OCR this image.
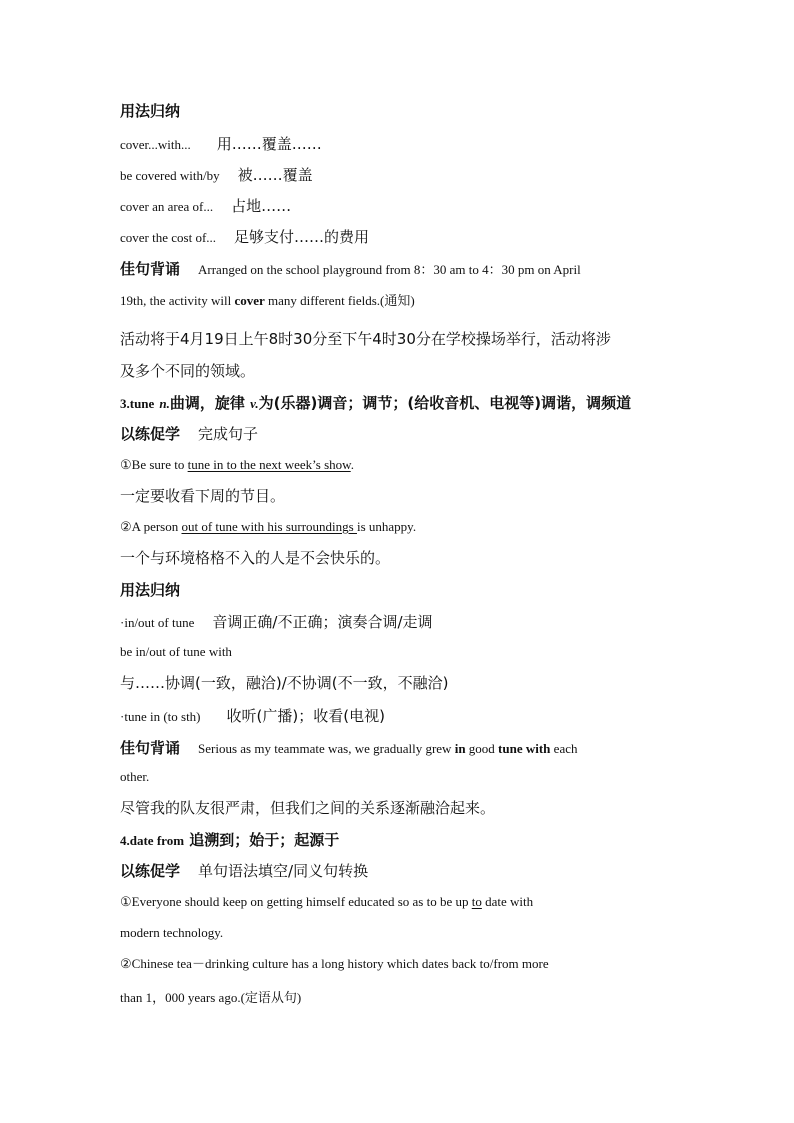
用法归纳
cover...with... 用……覆盖……
be covered with/by 被……覆盖
cover an area of... 占地……
cover the cost of... 足够支付……的费用
佳句背诵 Arranged on the school playground from 8：30 am to 4：30 pm on April
19th, the activity will cover many different fields.(通知)
活动将于4月19日上午8时30分至下午4时30分在学校操场举行，活动将涉
及多个不同的领域。
3.tune n.曲调，旋律 v.为(乐器)调音；调节；(给收音机、电视等)调谐，调频道
以练促学 完成句子
①Be sure to tune in to the next week’s show.
一定要收看下周的节目。
②A person out of tune with his surroundings is unhappy.
一个与环境格格不入的人是不会快乐的。
用法归纳
·in/out of tune 音调正确/不正确；演奏合调/走调
be in/out of tune with
与……协调(一致，融洽)/不协调(不一致，不融洽)
·tune in (to sth) 收听(广播)；收看(电视)
佳句背诵 Serious as my teammate was, we gradually grew in good tune with each
other.
尽管我的队友很严肃，但我们之间的关系逐渐融洽起来。
4.date from 追溯到；始于；起源于
以练促学 单句语法填空/同义句转换
①Everyone should keep on getting himself educated so as to be up to date with
modern technology.
②Chinese tea－drinking culture has a long history which dates back to/from more
than 1，000 years ago.(定语从句)
